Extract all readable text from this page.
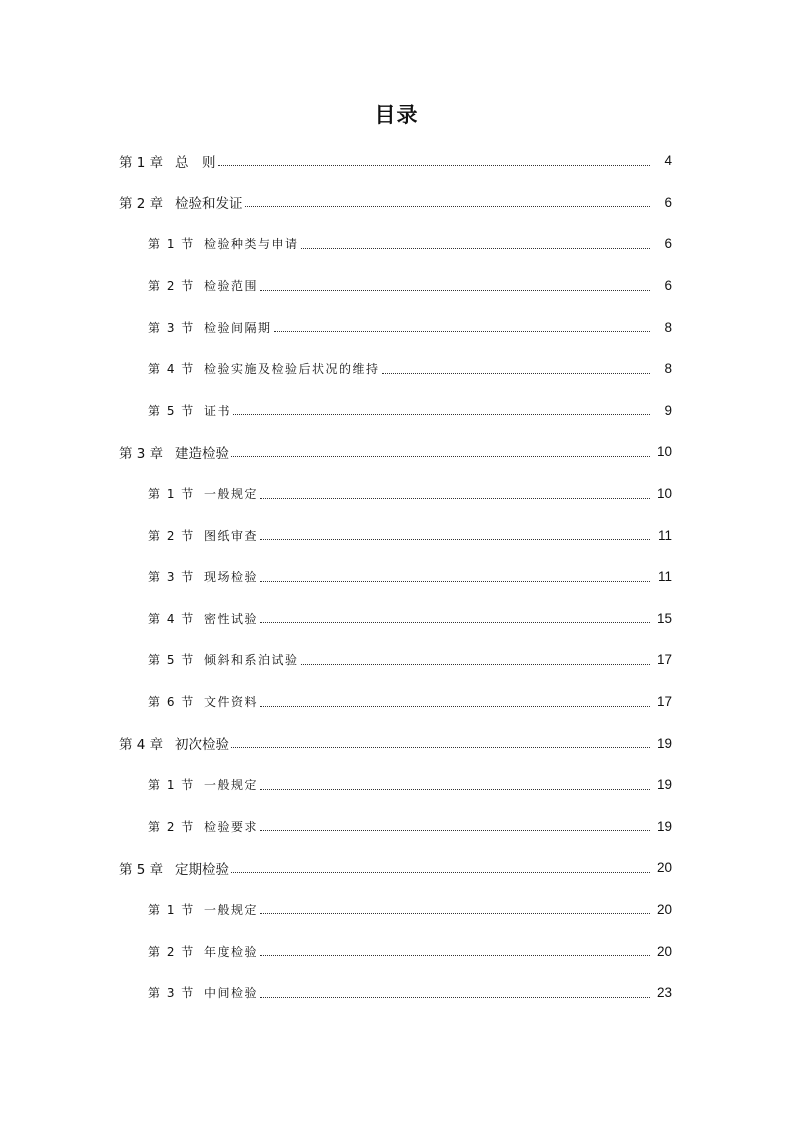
目录
第 1 章 总　则	4
第 2 章 检验和发证	6
第 1 节 检验种类与申请	6
第 2 节 检验范围	6
第 3 节 检验间隔期	8
第 4 节 检验实施及检验后状况的维持	8
第 5 节 证书	9
第 3 章 建造检验	10
第 1 节 一般规定	10
第 2 节 图纸审查	11
第 3 节 现场检验	11
第 4 节 密性试验	15
第 5 节 倾斜和系泊试验	17
第 6 节 文件资料	17
第 4 章 初次检验	19
第 1 节 一般规定	19
第 2 节 检验要求	19
第 5 章 定期检验	20
第 1 节 一般规定	20
第 2 节 年度检验	20
第 3 节 中间检验	23
